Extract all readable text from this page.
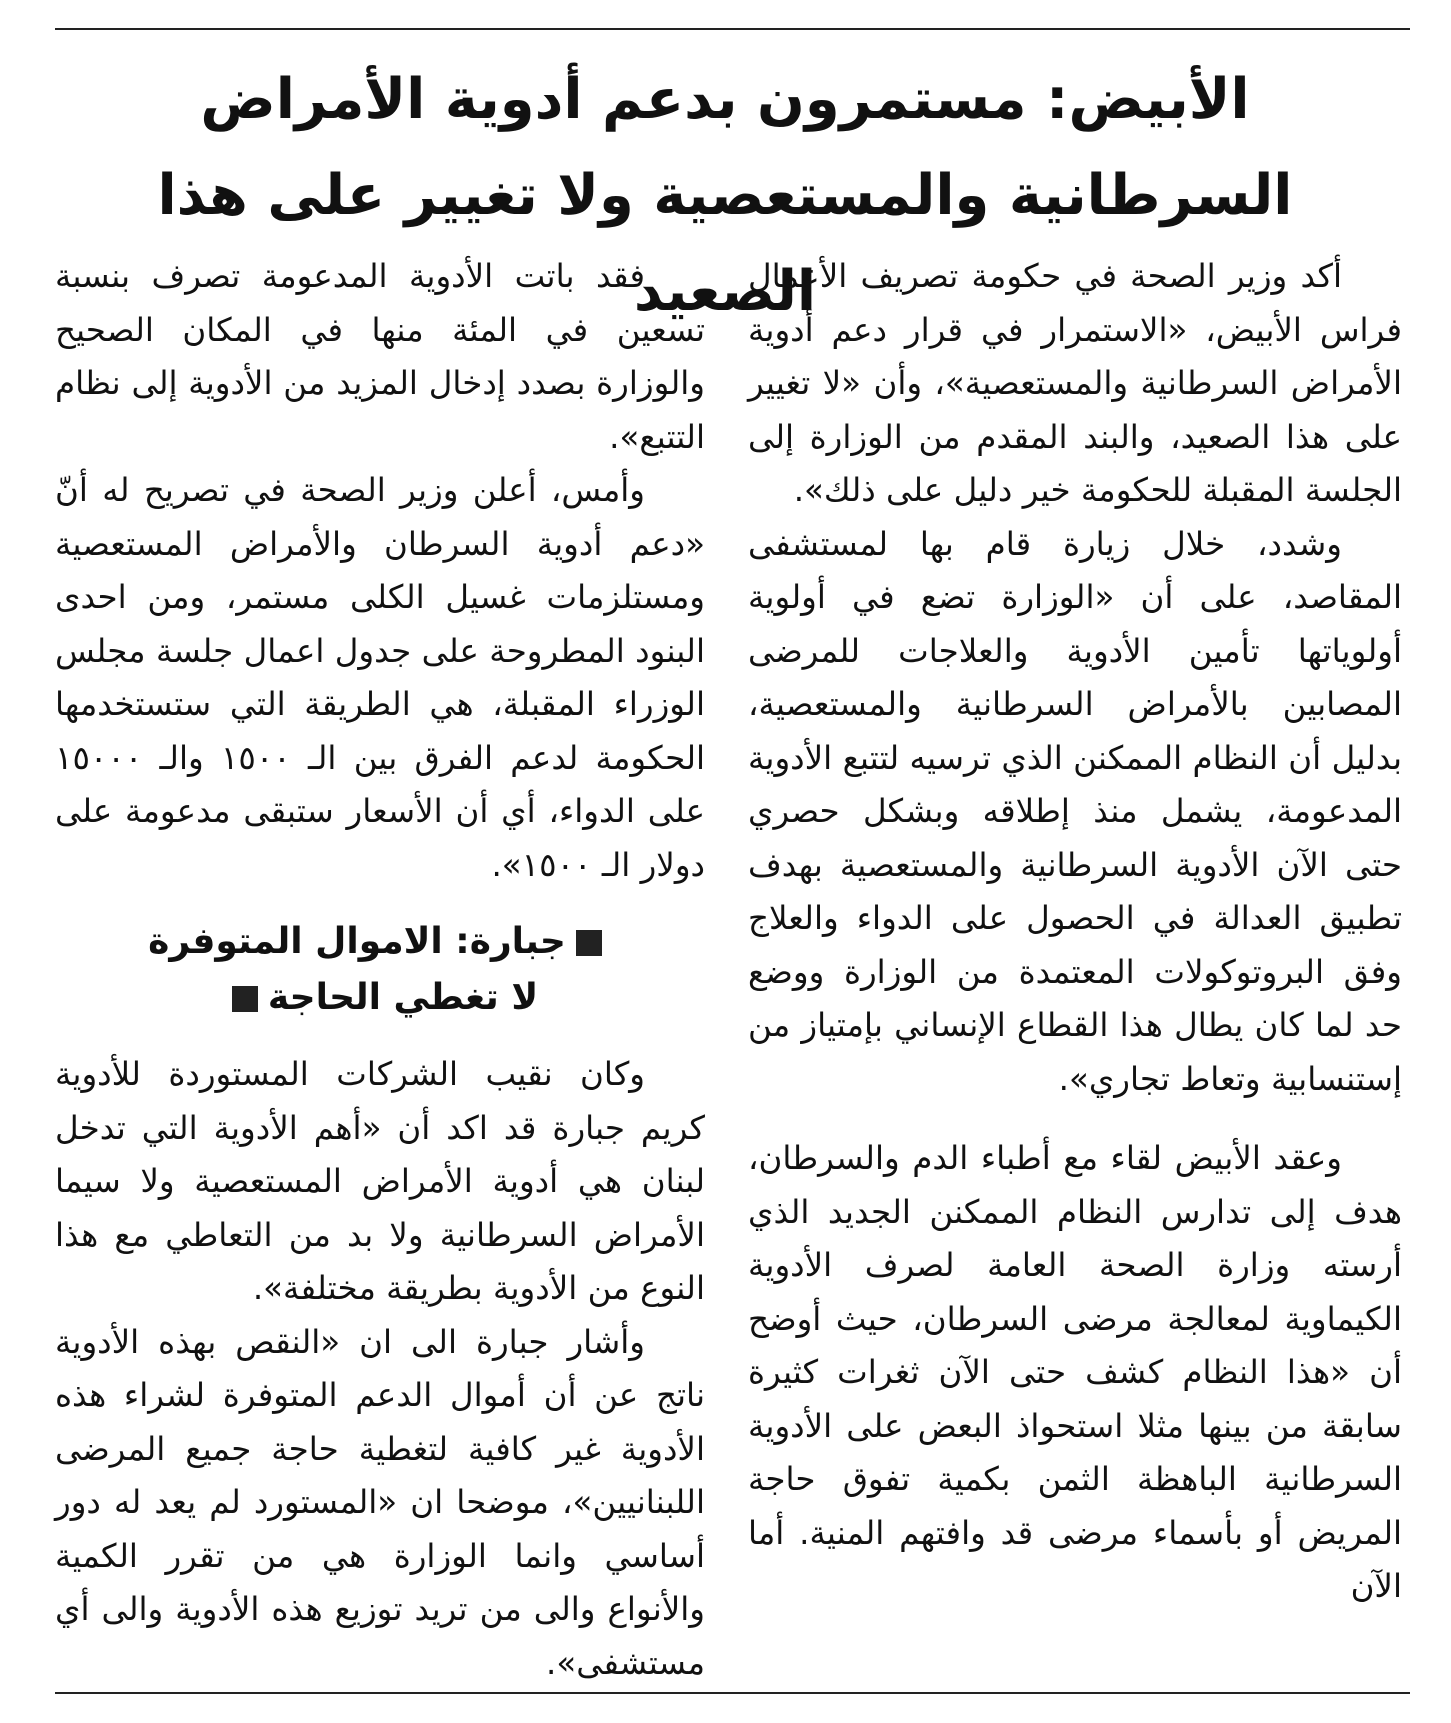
الأبيض: مستمرون بدعم أدوية الأمراض السرطانية والمستعصية ولا تغيير على هذا الصعيد

أكد وزير الصحة في حكومة تصريف الأعمال فراس الأبيض، «الاستمرار في قرار دعم أدوية الأمراض السرطانية والمستعصية»، وأن «لا تغيير على هذا الصعيد، والبند المقدم من الوزارة إلى الجلسة المقبلة للحكومة خير دليل على ذلك».

وشدد، خلال زيارة قام بها لمستشفى المقاصد، على أن «الوزارة تضع في أولوية أولوياتها تأمين الأدوية والعلاجات للمرضى المصابين بالأمراض السرطانية والمستعصية، بدليل أن النظام الممكنن الذي ترسيه لتتبع الأدوية المدعومة، يشمل منذ إطلاقه وبشكل حصري حتى الآن الأدوية السرطانية والمستعصية بهدف تطبيق العدالة في الحصول على الدواء والعلاج وفق البروتوكولات المعتمدة من الوزارة ووضع حد لما كان يطال هذا القطاع الإنساني بإمتياز من إستنسابية وتعاط تجاري».

وعقد الأبيض لقاء مع أطباء الدم والسرطان، هدف إلى تدارس النظام الممكنن الجديد الذي أرسته وزارة الصحة العامة لصرف الأدوية الكيماوية لمعالجة مرضى السرطان، حيث أوضح أن «هذا النظام كشف حتى الآن ثغرات كثيرة سابقة من بينها مثلا استحواذ البعض على الأدوية السرطانية الباهظة الثمن بكمية تفوق حاجة المريض أو بأسماء مرضى قد وافتهم المنية. أما الآن

فقد باتت الأدوية المدعومة تصرف بنسبة تسعين في المئة منها في المكان الصحيح والوزارة بصدد إدخال المزيد من الأدوية إلى نظام التتبع».

وأمس، أعلن وزير الصحة في تصريح له أنّ «دعم أدوية السرطان والأمراض المستعصية ومستلزمات غسيل الكلى مستمر، ومن احدى البنود المطروحة على جدول اعمال جلسة مجلس الوزراء المقبلة، هي الطريقة التي ستستخدمها الحكومة لدعم الفرق بين الـ ١٥٠٠ والـ ١٥٠٠٠ على الدواء، أي أن الأسعار ستبقى مدعومة على دولار الـ ١٥٠٠».

جبارة: الاموال المتوفرة
لا تغطي الحاجة

وكان نقيب الشركات المستوردة للأدوية كريم جبارة قد اكد أن «أهم الأدوية التي تدخل لبنان هي أدوية الأمراض المستعصية ولا سيما الأمراض السرطانية ولا بد من التعاطي مع هذا النوع من الأدوية بطريقة مختلفة».

وأشار جبارة الى ان «النقص بهذه الأدوية ناتج عن أن أموال الدعم المتوفرة لشراء هذه الأدوية غير كافية لتغطية حاجة جميع المرضى اللبنانيين»، موضحا ان «المستورد لم يعد له دور أساسي وانما الوزارة هي من تقرر الكمية والأنواع والى من تريد توزيع هذه الأدوية والى أي مستشفى».
